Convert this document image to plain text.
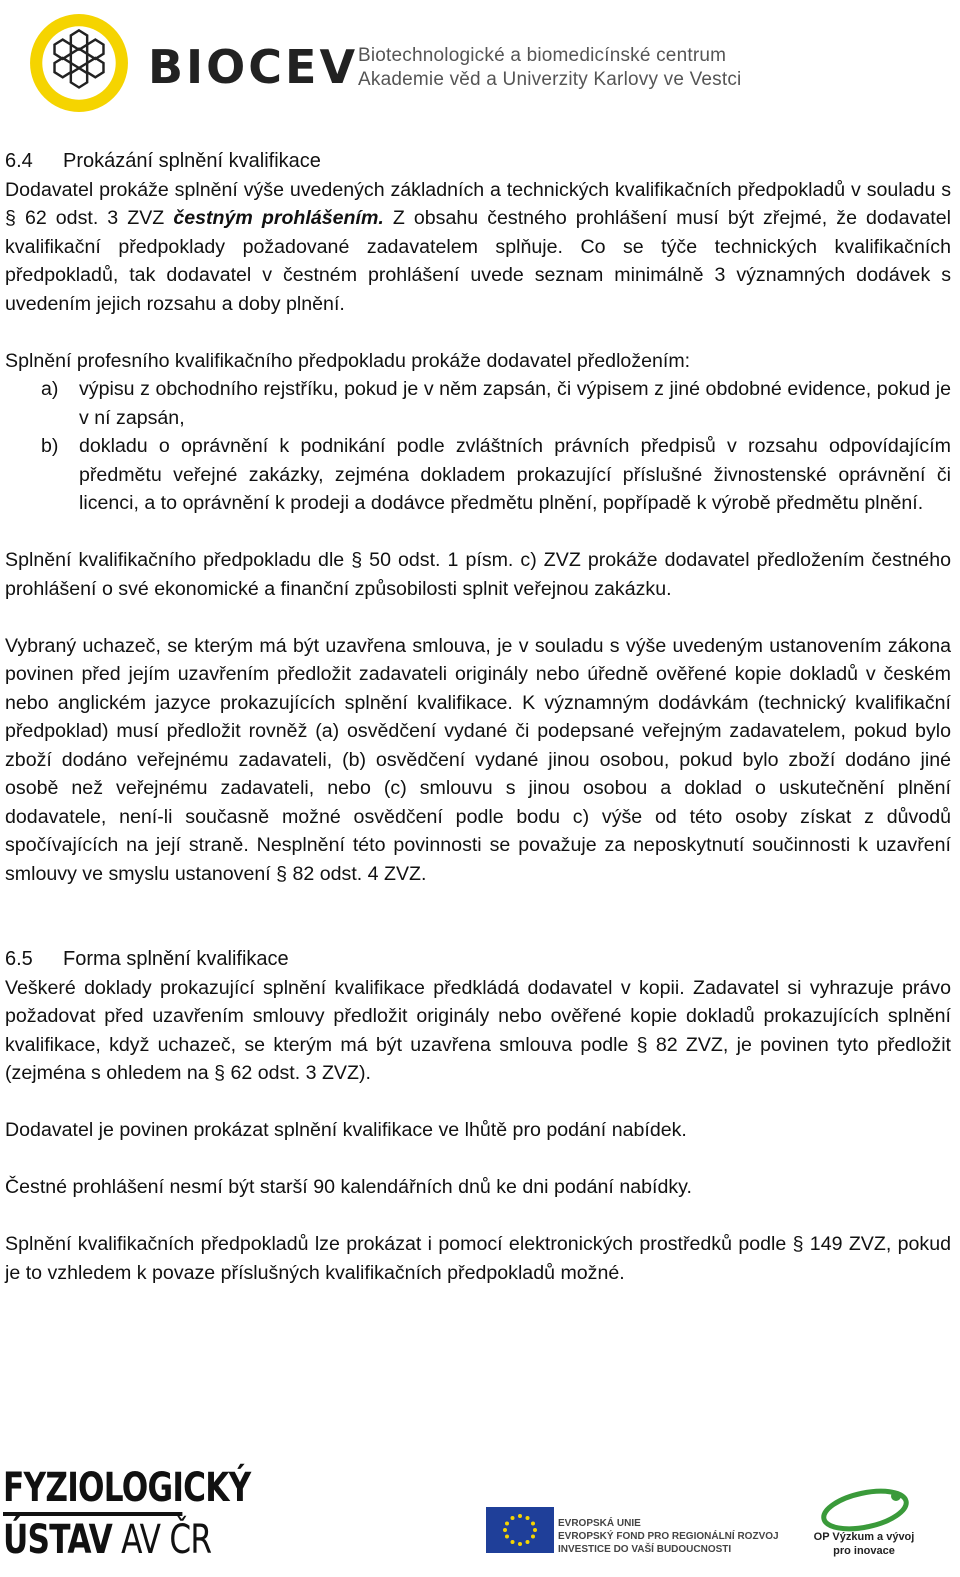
BIOCEV Biotechnologické a biomedicínské centrum
Akademie věd a Univerzity Karlovy ve Vestci
6.4 Prokázání splnění kvalifikace

Dodavatel prokáže splnění výše uvedených základních a technických kvalifikačních předpokladů v souladu s § 62 odst. 3 ZVZ čestným prohlášením. Z obsahu čestného prohlášení musí být zřejmé, že dodavatel kvalifikační předpoklady požadované zadavatelem splňuje. Co se týče technických kvalifikačních předpokladů, tak dodavatel v čestném prohlášení uvede seznam minimálně 3 významných dodávek s uvedením jejich rozsahu a doby plnění.

Splnění profesního kvalifikačního předpokladu prokáže dodavatel předložením:

a) výpisu z obchodního rejstříku, pokud je v něm zapsán, či výpisem z jiné obdobné evidence, pokud je v ní zapsán,
b) dokladu o oprávnění k podnikání podle zvláštních právních předpisů v rozsahu odpovídajícím předmětu veřejné zakázky, zejména dokladem prokazující příslušné živnostenské oprávnění či licenci, a to oprávnění k prodeji a dodávce předmětu plnění, popřípadě k výrobě předmětu plnění.

Splnění kvalifikačního předpokladu dle § 50 odst. 1 písm. c) ZVZ prokáže dodavatel předložením čestného prohlášení o své ekonomické a finanční způsobilosti splnit veřejnou zakázku.

Vybraný uchazeč, se kterým má být uzavřena smlouva, je v souladu s výše uvedeným ustanovením zákona povinen před jejím uzavřením předložit zadavateli originály nebo úředně ověřené kopie dokladů v českém nebo anglickém jazyce prokazujících splnění kvalifikace. K významným dodávkám (technický kvalifikační předpoklad) musí předložit rovněž (a) osvědčení vydané či podepsané veřejným zadavatelem, pokud bylo zboží dodáno veřejnému zadavateli, (b) osvědčení vydané jinou osobou, pokud bylo zboží dodáno jiné osobě než veřejnému zadavateli, nebo (c) smlouvu s jinou osobou a doklad o uskutečnění plnění dodavatele, není-li současně možné osvědčení podle bodu c) výše od této osoby získat z důvodů spočívajících na její straně. Nesplnění této povinnosti se považuje za neposkytnutí součinnosti k uzavření smlouvy ve smyslu ustanovení § 82 odst. 4 ZVZ.

6.5 Forma splnění kvalifikace

Veškeré doklady prokazující splnění kvalifikace předkládá dodavatel v kopii. Zadavatel si vyhrazuje právo požadovat před uzavřením smlouvy předložit originály nebo ověřené kopie dokladů prokazujících splnění kvalifikace, když uchazeč, se kterým má být uzavřena smlouva podle § 82 ZVZ, je povinen tyto předložit (zejména s ohledem na § 62 odst. 3 ZVZ).

Dodavatel je povinen prokázat splnění kvalifikace ve lhůtě pro podání nabídek.

Čestné prohlášení nesmí být starší 90 kalendářních dnů ke dni podání nabídky.

Splnění kvalifikačních předpokladů lze prokázat i pomocí elektronických prostředků podle § 149 ZVZ, pokud je to vzhledem k povaze příslušných kvalifikačních předpokladů možné.

FYZIOLOGICKÝ
ÚSTAV AV ČR	EVROPSKÁ UNIE
EVROPSKÝ FOND PRO REGIONÁLNÍ ROZVOJ
INVESTICE DO VAŠÍ BUDOUCNOSTI
OP Výzkum a vývoj
pro inovace
